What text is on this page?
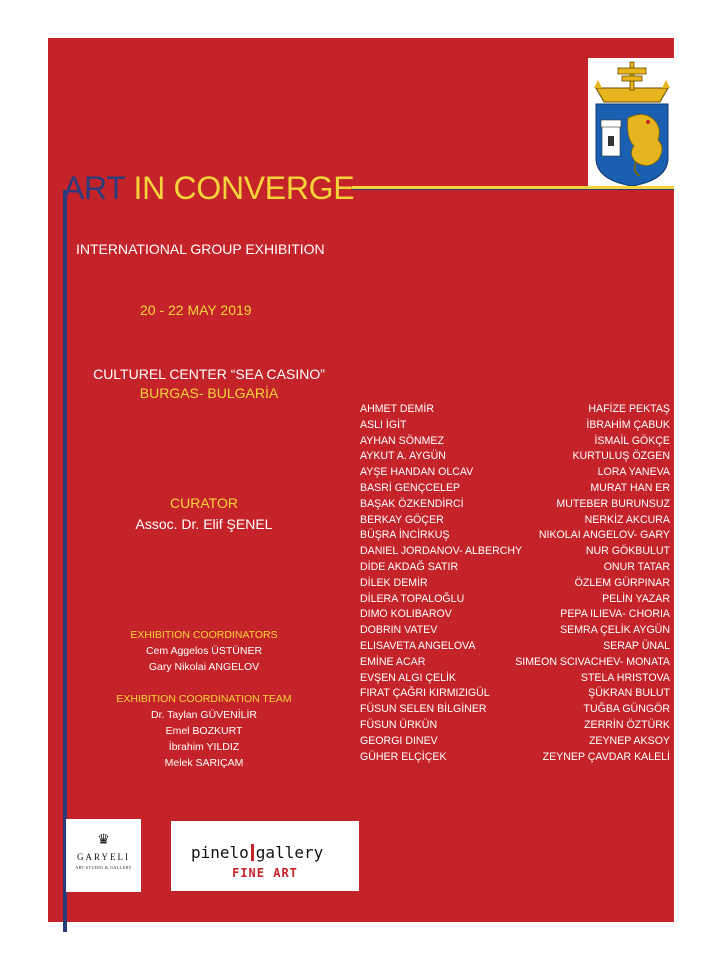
ART IN CONVERGE
INTERNATIONAL GROUP EXHIBITION
20 - 22 MAY 2019
CULTUREL CENTER “SEA CASINO”
BURGAS- BULGARİA
CURATOR
Assoc. Dr. Elif ŞENEL
EXHIBITION COORDINATORS
Cem Aggelos ÜSTÜNER
Gary Nikolai ANGELOV
EXHIBITION COORDINATION TEAM
Dr. Taylan GÜVENİLİR
Emel BOZKURT
İbrahim YILDIZ
Melek SARIÇAM
AHMET DEMİR
ASLI İGİT
AYHAN SÖNMEZ
AYKUT A. AYGÜN
AYŞE HANDAN OLCAV
BASRİ GENÇCELEP
BAŞAK ÖZKENDİRCİ
BERKAY GÖÇER
BÜŞRA İNCİRKUŞ
DANIEL JORDANOV- ALBERCHY
DİDE AKDAĞ SATIR
DİLEK DEMİR
DİLERA TOPALOĞLU
DIMO KOLIBAROV
DOBRIN VATEV
ELISAVETA ANGELOVA
EMİNE ACAR
EVŞEN ALGI ÇELİK
FIRAT ÇAĞRI KIRMIZIGÜL
FÜSUN SELEN BİLGİNER
FÜSUN ÜRKÜN
GEORGI DINEV
GÜHER ELÇİÇEK
HAFİZE PEKTAŞ
İBRAHİM ÇABUK
İSMAİL GÖKÇE
KURTULUŞ ÖZGEN
LORA YANEVA
MURAT HAN ER
MUTEBER BURUNSUZ
NERKİZ AKCURA
NIKOLAI ANGELOV- GARY
NUR GÖKBULUT
ONUR TATAR
ÖZLEM GÜRPINAR
PELİN YAZAR
PEPA ILIEVA- CHORIA
SEMRA ÇELİK AYGÜN
SERAP ÜNAL
SIMEON SCIVACHEV- MONATA
STELA HRISTOVA
ŞÜKRAN BULUT
TUĞBA GÜNGÖR
ZERRİN ÖZTÜRK
ZEYNEP AKSOY
ZEYNEP ÇAVDAR KALELİ
♛
GARYELI
ART STUDIO & GALLERY
pinelo gallery
FINE ART
